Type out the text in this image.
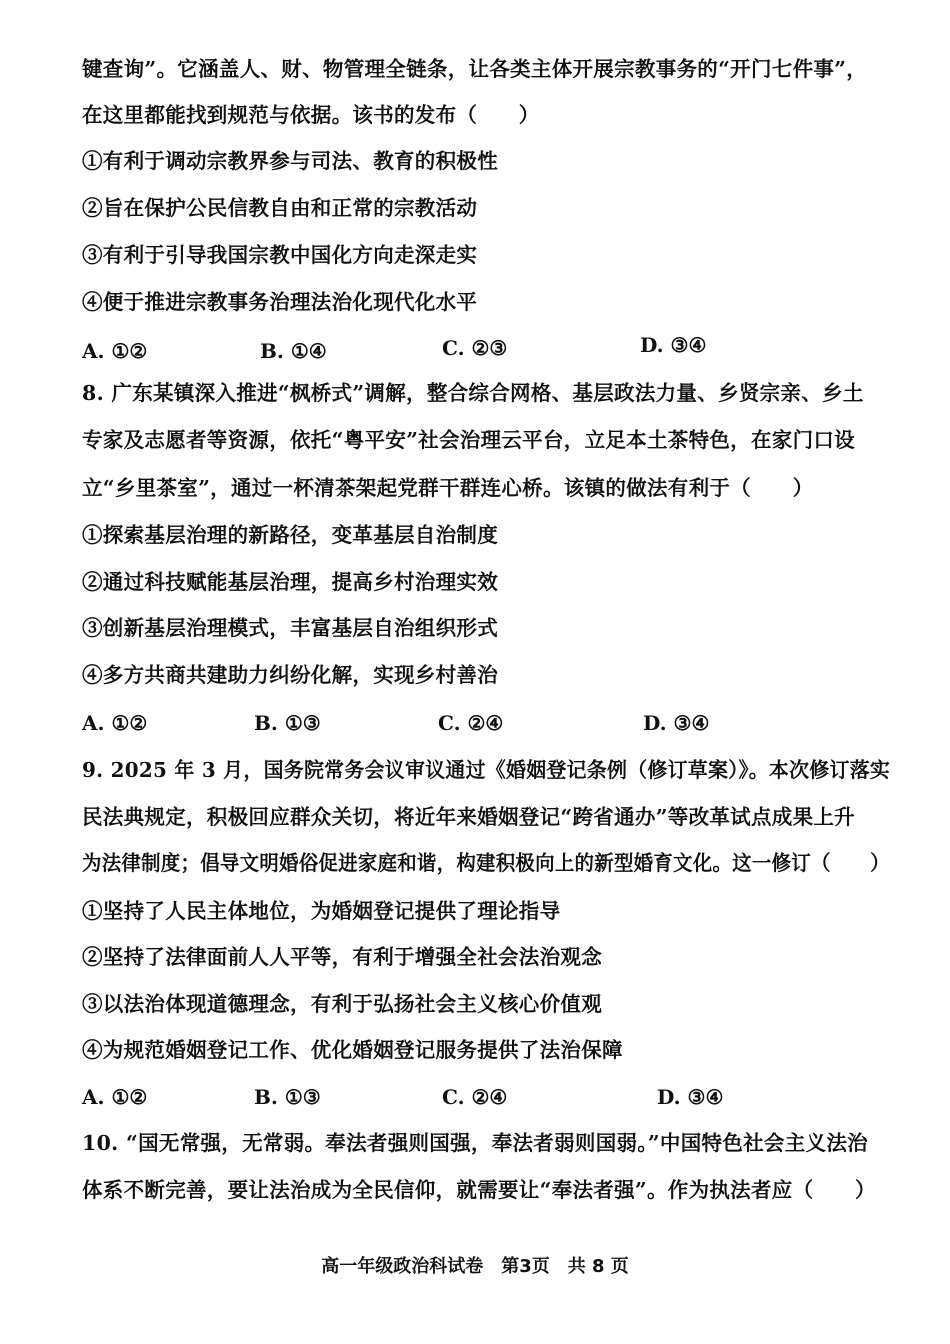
键查询”。它涵盖人、财、物管理全链条，让各类主体开展宗教事务的“开门七件事”，
在这里都能找到规范与依据。该书的发布（　　）
①有利于调动宗教界参与司法、教育的积极性
②旨在保护公民信教自由和正常的宗教活动
③有利于引导我国宗教中国化方向走深走实
④便于推进宗教事务治理法治化现代化水平
A. ①②	B. ①④	C. ②③	D. ③④
8. 广东某镇深入推进“枫桥式”调解，整合综合网格、基层政法力量、乡贤宗亲、乡土
专家及志愿者等资源，依托“粤平安”社会治理云平台，立足本土茶特色，在家门口设
立“乡里茶室”，通过一杯清茶架起党群干群连心桥。该镇的做法有利于（　　）
①探索基层治理的新路径，变革基层自治制度
②通过科技赋能基层治理，提高乡村治理实效
③创新基层治理模式，丰富基层自治组织形式
④多方共商共建助力纠纷化解，实现乡村善治
A. ①②	B. ①③	C. ②④	D. ③④
9. 2025 年 3 月，国务院常务会议审议通过《婚姻登记条例（修订草案）》。本次修订落实
民法典规定，积极回应群众关切，将近年来婚姻登记“跨省通办”等改革试点成果上升
为法律制度；倡导文明婚俗促进家庭和谐，构建积极向上的新型婚育文化。这一修订（　　）
①坚持了人民主体地位，为婚姻登记提供了理论指导
②坚持了法律面前人人平等，有利于增强全社会法治观念
③以法治体现道德理念，有利于弘扬社会主义核心价值观
④为规范婚姻登记工作、优化婚姻登记服务提供了法治保障
A. ①②	B. ①③	C. ②④	D. ③④
10. “国无常强，无常弱。奉法者强则国强，奉法者弱则国弱。”中国特色社会主义法治
体系不断完善，要让法治成为全民信仰，就需要让“奉法者强”。作为执法者应（　　）
高一年级政治科试卷　第3页　共 8 页
